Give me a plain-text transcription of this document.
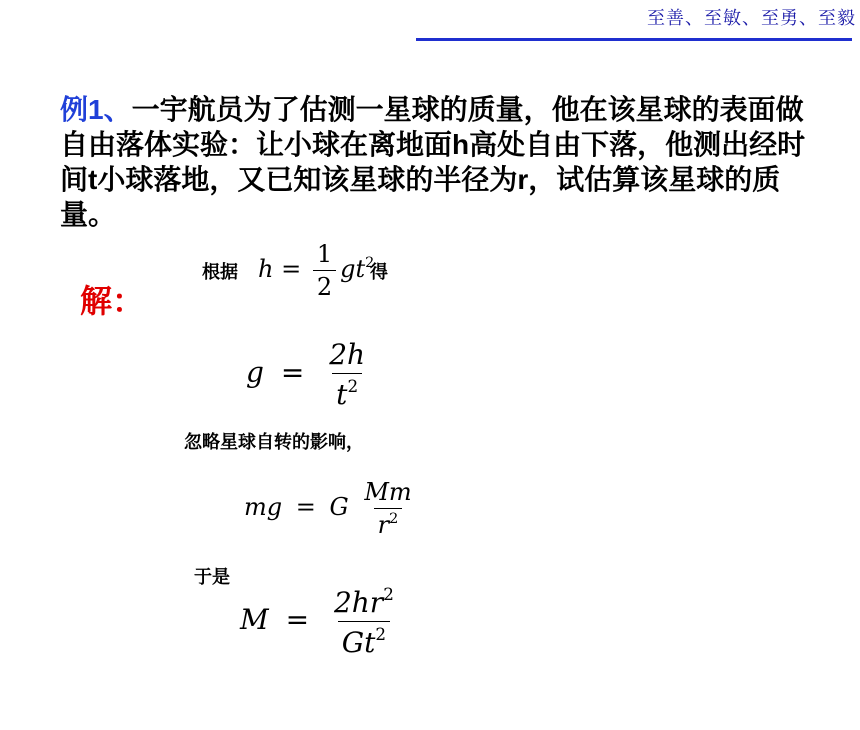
至善、至敏、至勇、至毅
例1、一宇航员为了估测一星球的质量，他在该星球的表面做自由落体实验：让小球在离地面h高处自由下落，他测出经时间t小球落地，又已知该星球的半径为r，试估算该星球的质量。
解：
根据 $h = \frac{1}{2} gt^2$
得
$g = \frac{2h}{t^2}$
忽略星球自转的影响，
mg = G $\frac{Mm}{r^2}$
于是
$M = \frac{2hr^2}{Gt^2}$
